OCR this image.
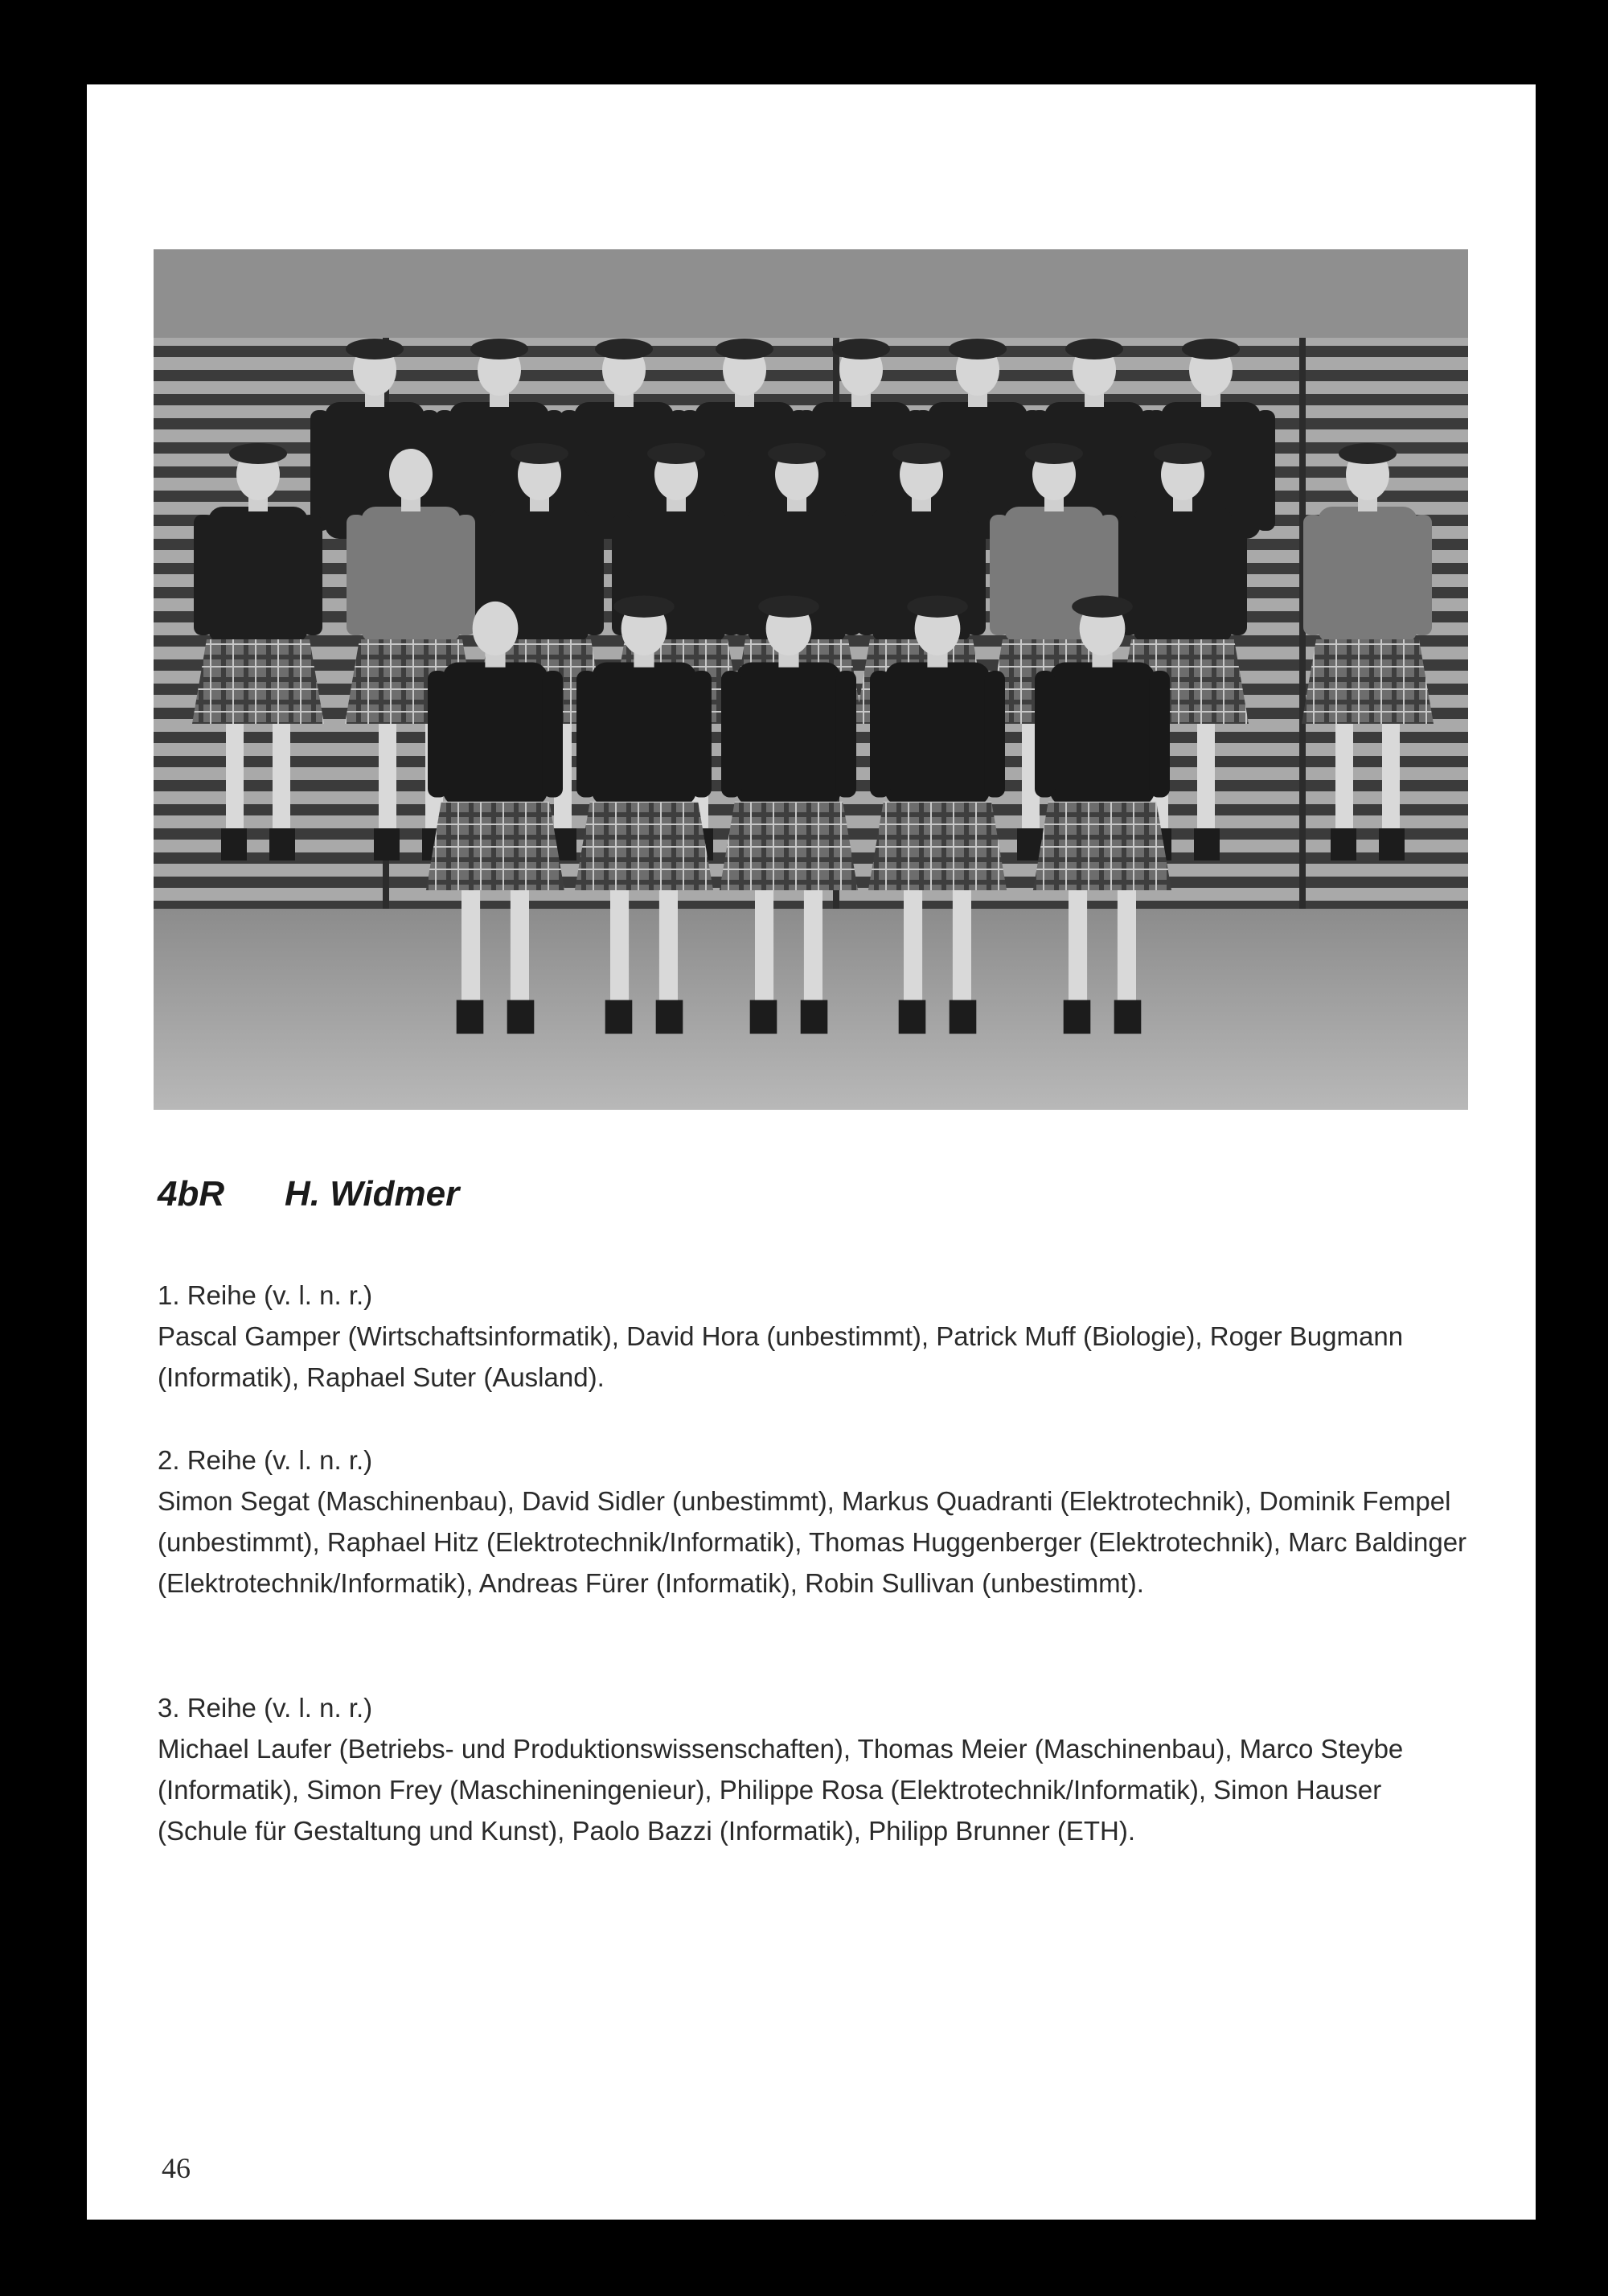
4bR H. Widmer
1. Reihe (v. l. n. r.)
Pascal Gamper (Wirtschaftsinformatik), David Hora (unbestimmt), Patrick Muff (Biologie), Roger Bugmann (Informatik), Raphael Suter (Ausland).
2. Reihe (v. l. n. r.)
Simon Segat (Maschinenbau), David Sidler (unbestimmt), Markus Quadranti (Elektrotechnik), Dominik Fempel (unbestimmt), Raphael Hitz (Elektrotechnik/Informatik), Thomas Huggenberger (Elektrotechnik), Marc Baldinger (Elektrotechnik/Informatik), Andreas Fürer (Informatik), Robin Sullivan (unbestimmt).
3. Reihe (v. l. n. r.)
Michael Laufer (Betriebs- und Produktionswissenschaften), Thomas Meier (Maschinenbau), Marco Steybe (Informatik), Simon Frey (Maschineningenieur), Philippe Rosa (Elektrotechnik/Informatik), Simon Hauser (Schule für Gestaltung und Kunst), Paolo Bazzi (Informatik), Philipp Brunner (ETH).
46
